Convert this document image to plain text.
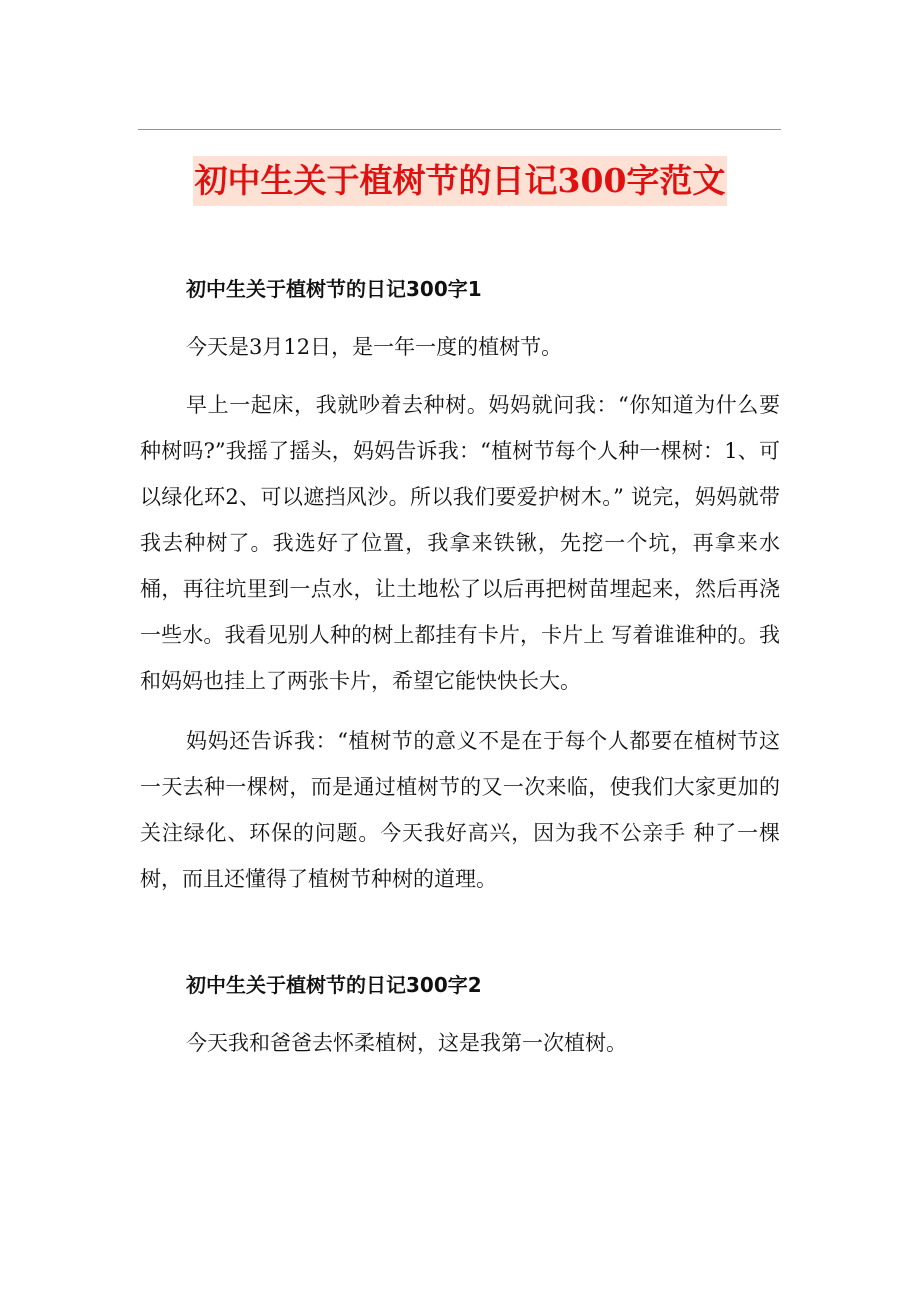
初中生关于植树节的日记300字范文

初中生关于植树节的日记300字1

今天是3月12日，是一年一度的植树节。

早上一起床，我就吵着去种树。妈妈就问我：“你知道为什么要种树吗?”我摇了摇头，妈妈告诉我：“植树节每个人种一棵树：1、可以绿化环2、可以遮挡风沙。所以我们要爱护树木。” 说完，妈妈就带我去种树了。我选好了位置，我拿来铁锹，先挖一个坑，再拿来水桶，再往坑里到一点水，让土地松了以后再把树苗埋起来，然后再浇一些水。我看见别人种的树上都挂有卡片，卡片上 写着谁谁种的。我和妈妈也挂上了两张卡片，希望它能快快长大。

妈妈还告诉我：“植树节的意义不是在于每个人都要在植树节这一天去种一棵树，而是通过植树节的又一次来临，使我们大家更加的关注绿化、环保的问题。今天我好高兴，因为我不公亲手 种了一棵树，而且还懂得了植树节种树的道理。

初中生关于植树节的日记300字2

今天我和爸爸去怀柔植树，这是我第一次植树。
